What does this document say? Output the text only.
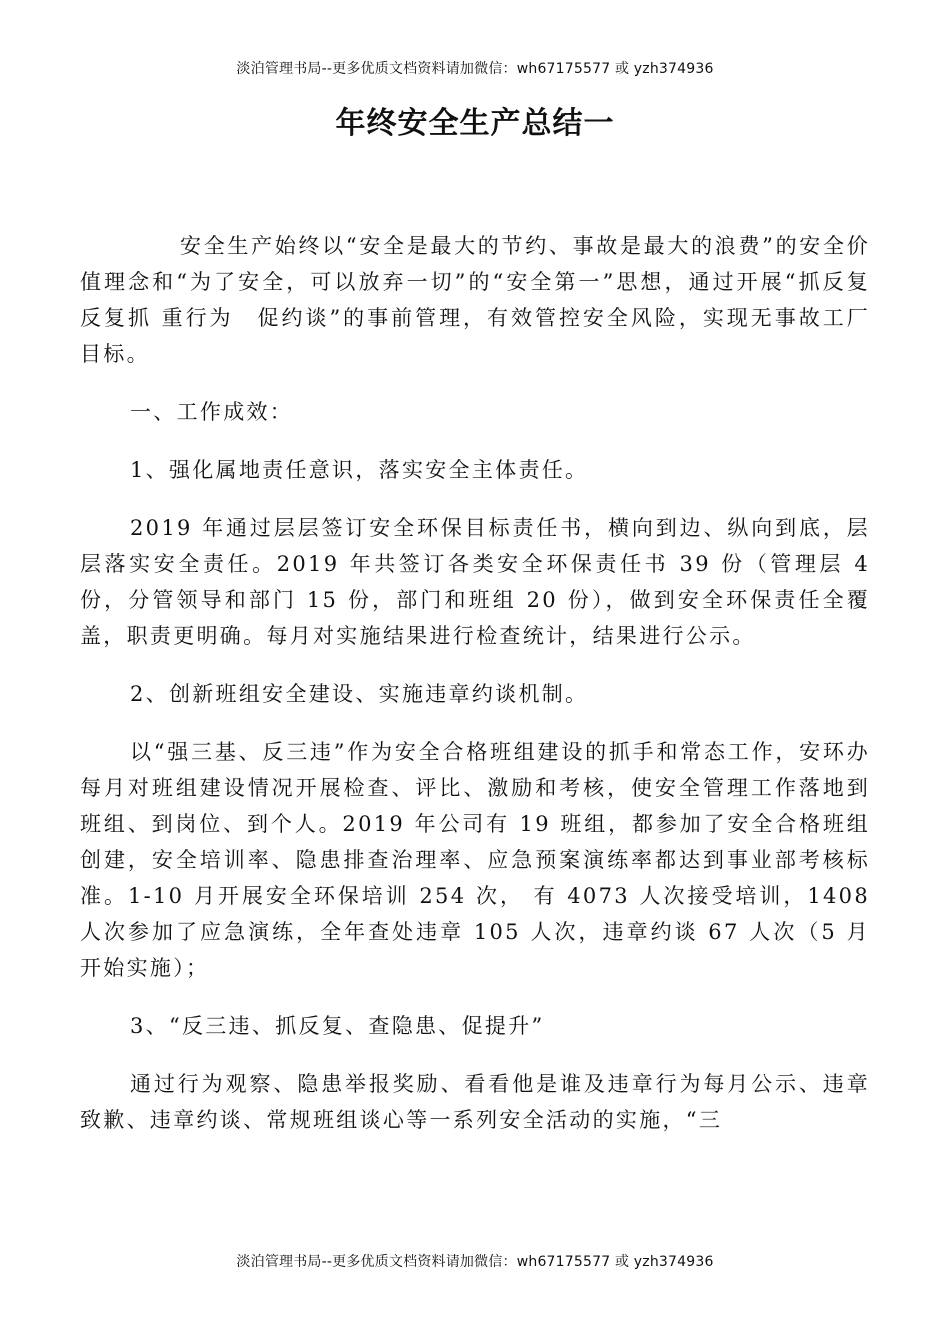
淡泊管理书局--更多优质文档资料请加微信：wh67175577 或 yzh374936
年终安全生产总结一

安全生产始终以“安全是最大的节约、事故是最大的浪费”的安全价值理念和“为了安全，可以放弃一切”的“安全第一”思想，通过开展“抓反复 反复抓 重行为　促约谈”的事前管理，有效管控安全风险，实现无事故工厂目标。

一、工作成效：

1、强化属地责任意识，落实安全主体责任。

2019 年通过层层签订安全环保目标责任书，横向到边、纵向到底，层层落实安全责任。2019 年共签订各类安全环保责任书 39 份（管理层 4 份，分管领导和部门 15 份，部门和班组 20 份），做到安全环保责任全覆盖，职责更明确。每月对实施结果进行检查统计，结果进行公示。

2、创新班组安全建设、实施违章约谈机制。

以“强三基、反三违”作为安全合格班组建设的抓手和常态工作，安环办每月对班组建设情况开展检查、评比、激励和考核，使安全管理工作落地到班组、到岗位、到个人。2019 年公司有 19 班组，都参加了安全合格班组创建，安全培训率、隐患排查治理率、应急预案演练率都达到事业部考核标准。1-10 月开展安全环保培训 254 次， 有 4073 人次接受培训，1408 人次参加了应急演练，全年查处违章 105 人次，违章约谈 67 人次（5 月开始实施）；

3、“反三违、抓反复、查隐患、促提升”

通过行为观察、隐患举报奖励、看看他是谁及违章行为每月公示、违章致歉、违章约谈、常规班组谈心等一系列安全活动的实施，“三

淡泊管理书局--更多优质文档资料请加微信：wh67175577 或 yzh374936
